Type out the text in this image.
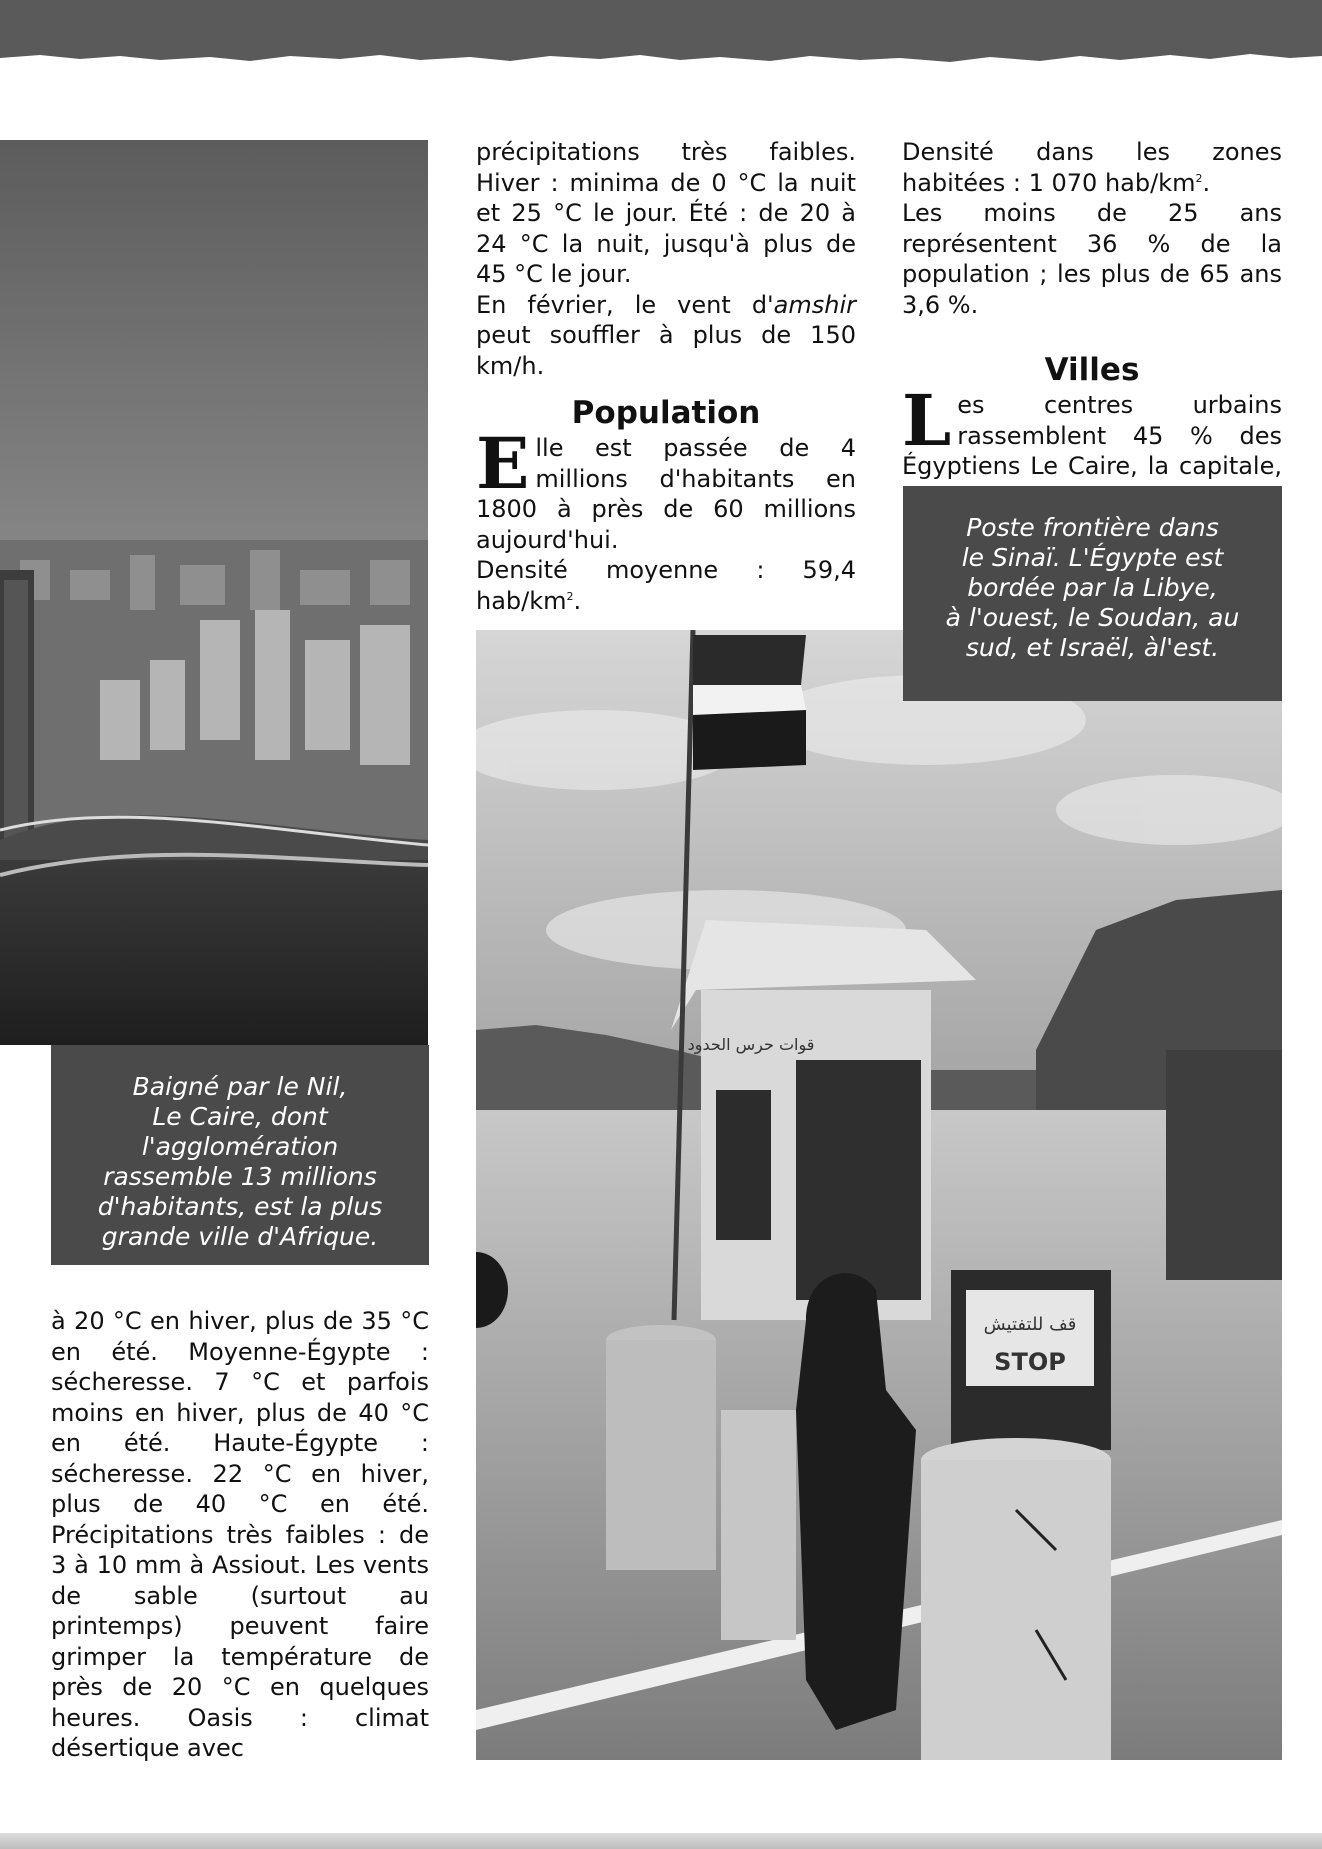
Baigné par le Nil,
Le Caire, dont
l'agglomération
rassemble 13 millions
d'habitants, est la plus
grande ville d'Afrique.

à 20 °C en hiver, plus de 35 °C en été. Moyenne-Égypte : sécheresse. 7 °C et parfois moins en hiver, plus de 40 °C en été. Haute-Égypte : sécheresse. 22 °C en hiver, plus de 40 °C en été. Précipitations très faibles : de 3 à 10 mm à Assiout. Les vents de sable (surtout au printemps) peuvent faire grimper la température de près de 20 °C en quelques heures. Oasis : climat désertique avec

précipitations très faibles. Hiver : minima de 0 °C la nuit et 25 °C le jour. Été : de 20 à 24 °C la nuit, jusqu'à plus de 45 °C le jour.

En février, le vent d'amshir peut souffler à plus de 150 km/h.

Population

Elle est passée de 4 millions d'habitants en 1800 à près de 60 millions aujourd'hui.

Densité moyenne : 59,4 hab/$km^2$.

Densité dans les zones habitées : 1 070 hab/$km^2$.

Les moins de 25 ans représentent 36 % de la population ; les plus de 65 ans 3,6 %.

Villes

Les centres urbains rassemblent 45 % des Égyptiens Le Caire, la capitale,

قوات حرس الحدود
قف للتفتيش
STOP
Poste frontière dans
le Sinaï. L'Égypte est
bordée par la Libye,
à l'ouest, le Soudan, au
sud, et Israël, àl'est.
